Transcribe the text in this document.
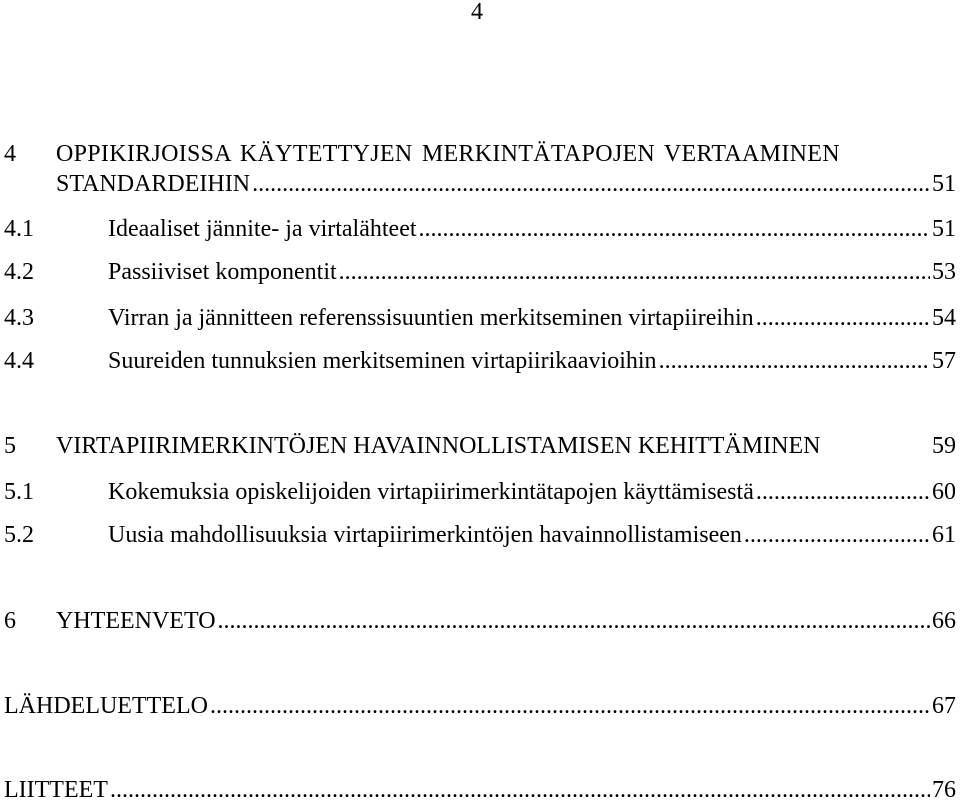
4
4 OPPIKIRJOISSA KÄYTETTYJEN MERKINTÄTAPOJEN VERTAAMINEN
STANDARDEIHIN .....	51
4.1	Ideaaliset jännite- ja virtalähteet .....	51
4.2	Passiiviset komponentit .....	53
4.3	Virran ja jännitteen referenssisuuntien merkitseminen virtapiireihin .....	54
4.4	Suureiden tunnuksien merkitseminen virtapiirikaavioihin .....	57
5 VIRTAPIIRIMERKINTÖJEN HAVAINNOLLISTAMISEN KEHITTÄMINEN	59
5.1	Kokemuksia opiskelijoiden virtapiirimerkintätapojen käyttämisestä .....	60
5.2	Uusia mahdollisuuksia virtapiirimerkintöjen havainnollistamiseen .....	61
6 YHTEENVETO .....	66
LÄHDELUETTELO .....	67
LIITTEET .....	76
